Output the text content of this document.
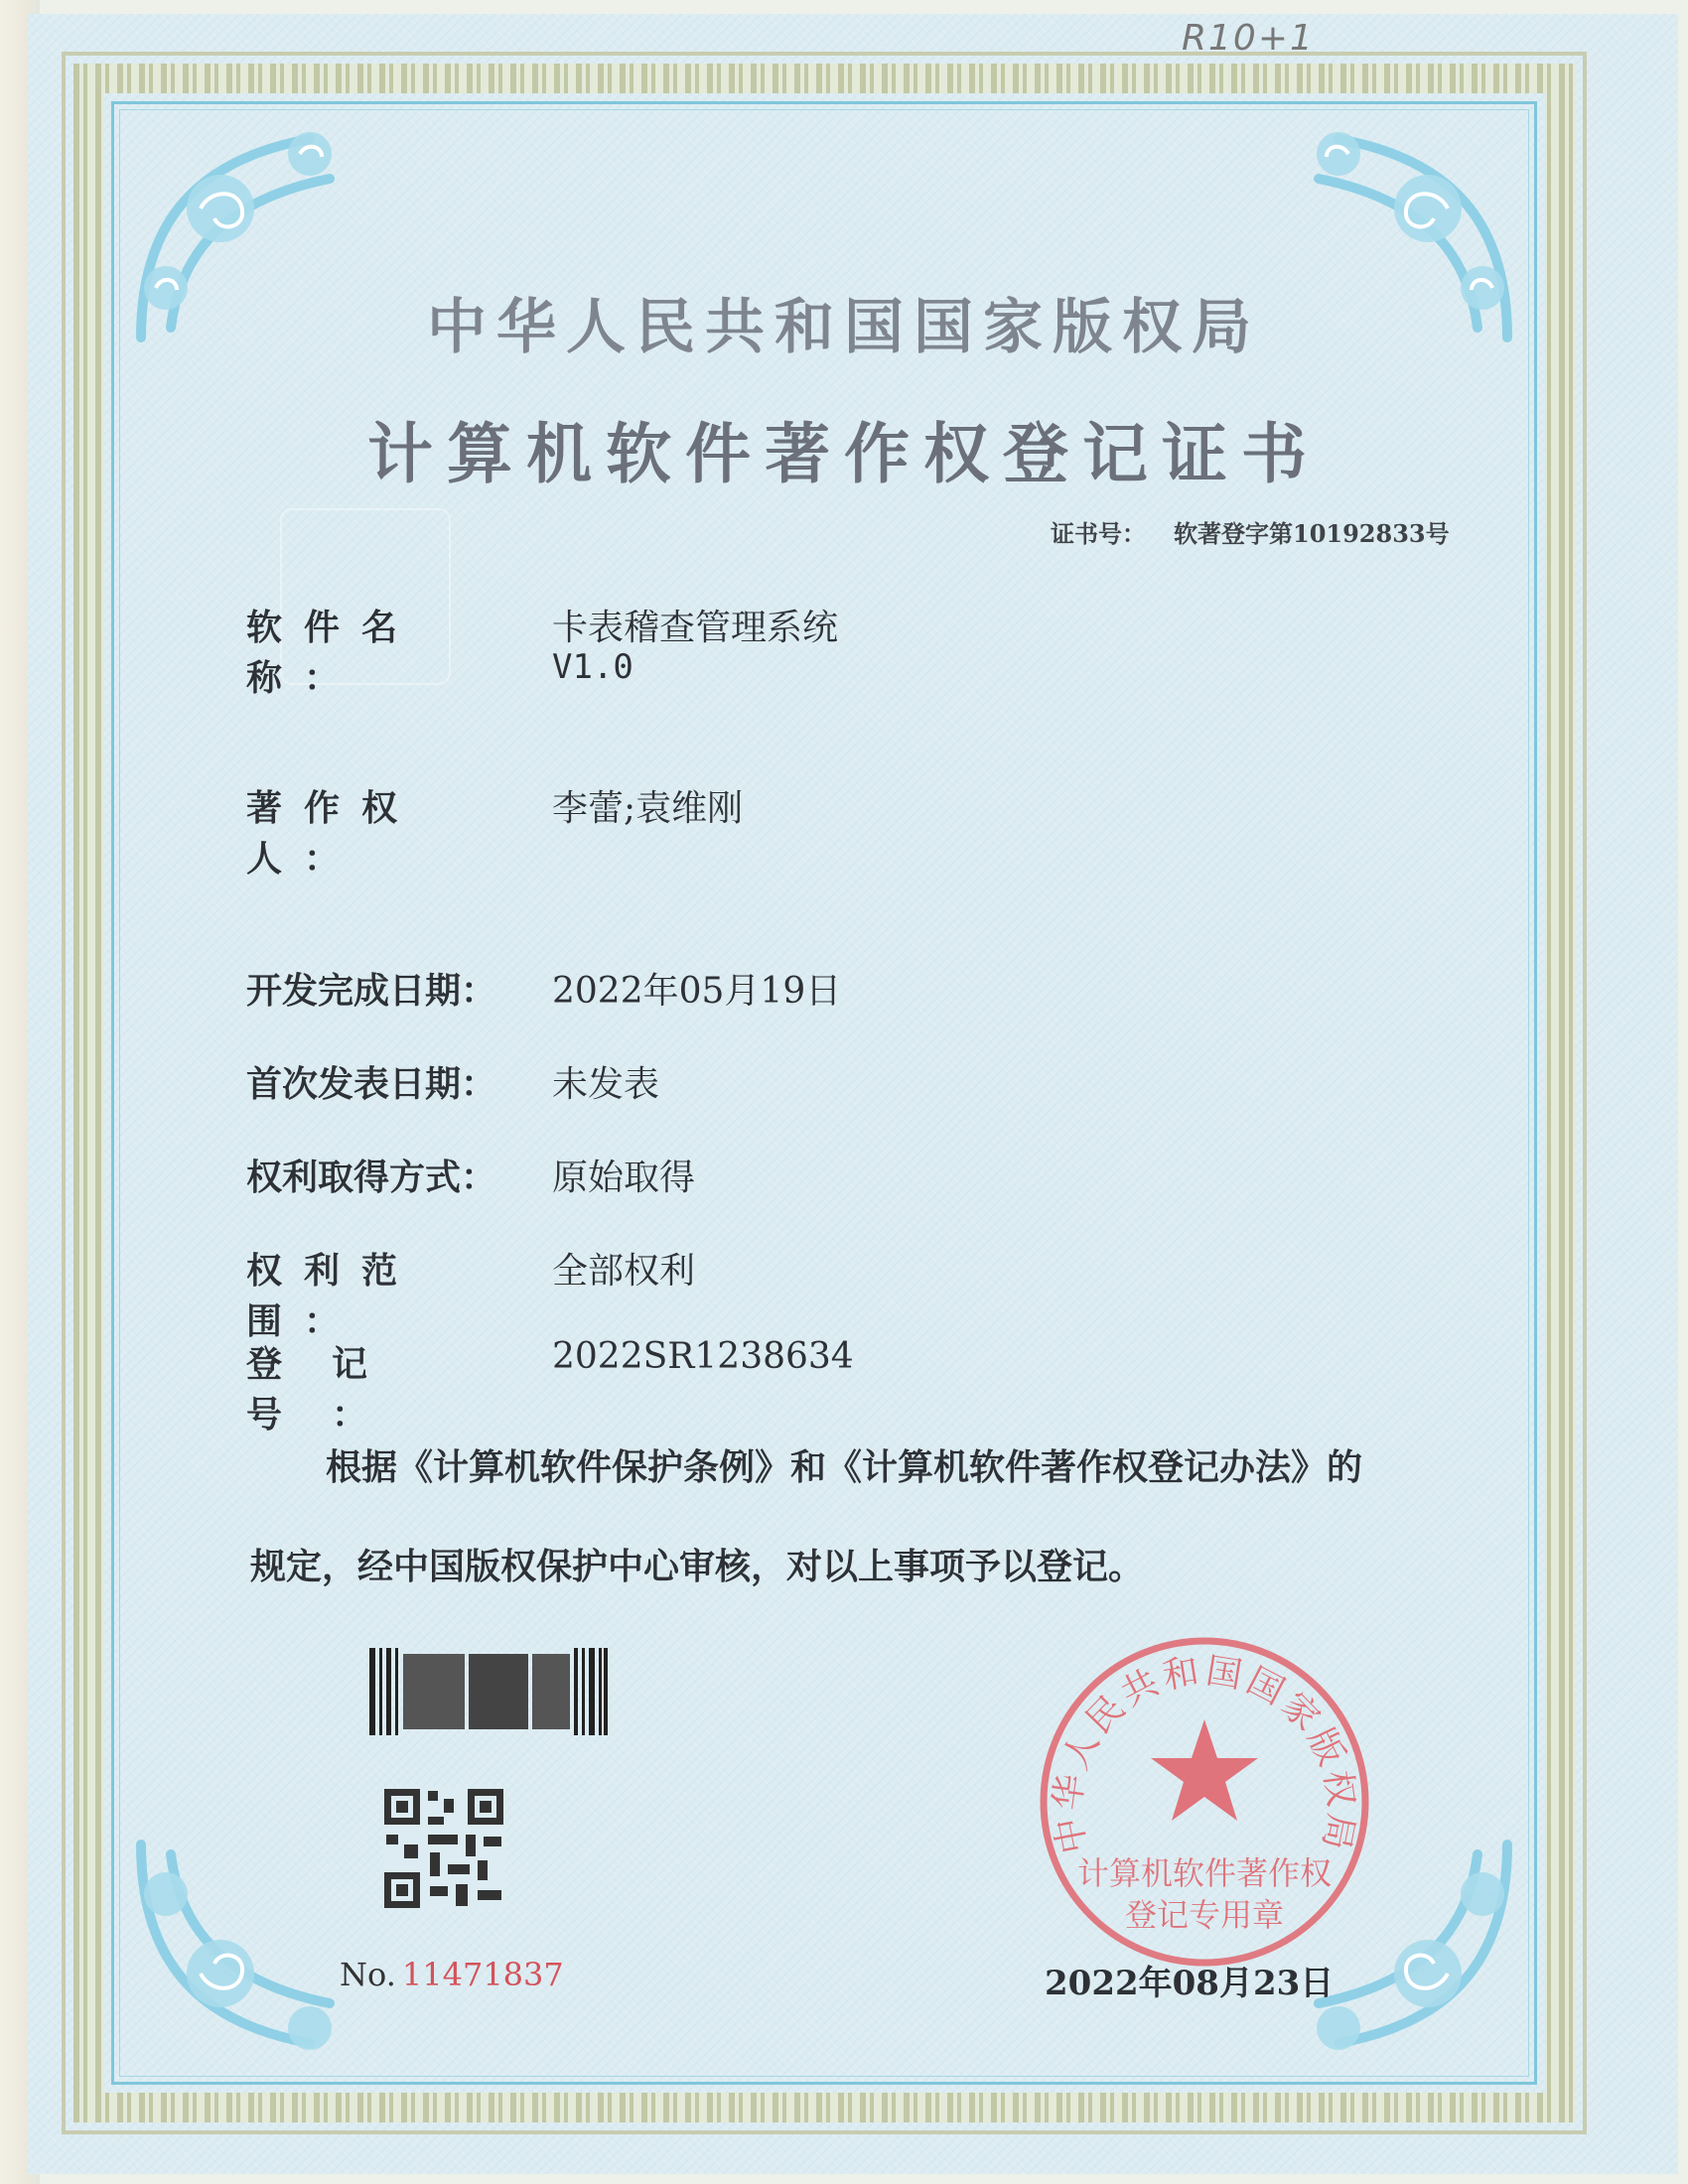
R10+1
中华人民共和国国家版权局
计算机软件著作权登记证书
证书号： 软著登字第10192833号
软件名称：
卡表稽查管理系统
V1.0
著作权人：
李蕾;袁维刚
开发完成日期： 2022年05月19日
首次发表日期： 未发表
权利取得方式： 原始取得
权利范围：
全部权利
登记号：
2022SR1238634
根据《计算机软件保护条例》和《计算机软件著作权登记办法》的
规定，经中国版权保护中心审核，对以上事项予以登记。
No. 11471837
中华人民共和国国家版权局
计算机软件著作权
登记专用章
2022年08月23日
